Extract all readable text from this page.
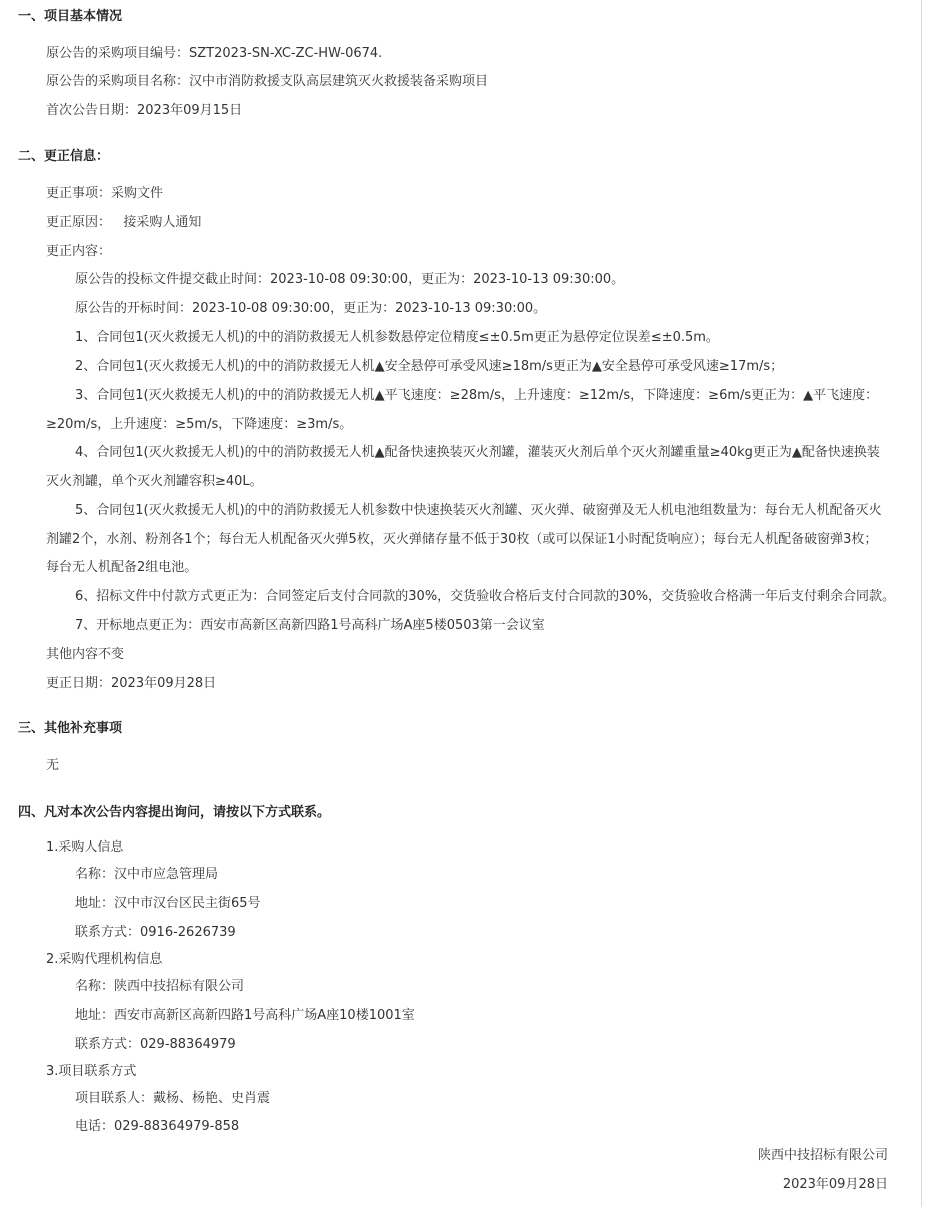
一、项目基本情况
原公告的采购项目编号：SZT2023-SN-XC-ZC-HW-0674.
原公告的采购项目名称：汉中市消防救援支队高层建筑灭火救援装备采购项目
首次公告日期：2023年09月15日
二、更正信息：
更正事项：采购文件
更正原因：   接采购人通知
更正内容：
原公告的投标文件提交截止时间：2023-10-08 09:30:00，更正为：2023-10-13 09:30:00。
原公告的开标时间：2023-10-08 09:30:00，更正为：2023-10-13 09:30:00。
1、合同包1(灭火救援无人机)的中的消防救援无人机参数悬停定位精度≤±0.5m更正为悬停定位误差≤±0.5m。
2、合同包1(灭火救援无人机)的中的消防救援无人机▲安全悬停可承受风速≥18m/s更正为▲安全悬停可承受风速≥17m/s；
3、合同包1(灭火救援无人机)的中的消防救援无人机▲平飞速度：≥28m/s，上升速度：≥12m/s，下降速度：≥6m/s更正为：▲平飞速度：≥20m/s，上升速度：≥5m/s，下降速度：≥3m/s。
4、合同包1(灭火救援无人机)的中的消防救援无人机▲配备快速换装灭火剂罐，灌装灭火剂后单个灭火剂罐重量≥40kg更正为▲配备快速换装灭火剂罐，单个灭火剂罐容积≥40L。
5、合同包1(灭火救援无人机)的中的消防救援无人机参数中快速换装灭火剂罐、灭火弹、破窗弹及无人机电池组数量为：每台无人机配备灭火剂罐2个，水剂、粉剂各1个；每台无人机配备灭火弹5枚，灭火弹储存量不低于30枚（或可以保证1小时配货响应）；每台无人机配备破窗弹3枚；每台无人机配备2组电池。
6、招标文件中付款方式更正为：合同签定后支付合同款的30%，交货验收合格后支付合同款的30%，交货验收合格满一年后支付剩余合同款。
7、开标地点更正为：西安市高新区高新四路1号高科广场A座5楼0503第一会议室
其他内容不变
更正日期：2023年09月28日
三、其他补充事项
无
四、凡对本次公告内容提出询问，请按以下方式联系。
1.采购人信息
名称：汉中市应急管理局
地址：汉中市汉台区民主街65号
联系方式：0916-2626739
2.采购代理机构信息
名称：陕西中技招标有限公司
地址：西安市高新区高新四路1号高科广场A座10楼1001室
联系方式：029-88364979
3.项目联系方式
项目联系人：戴杨、杨艳、史肖震
电话：029-88364979-858
陕西中技招标有限公司
2023年09月28日
